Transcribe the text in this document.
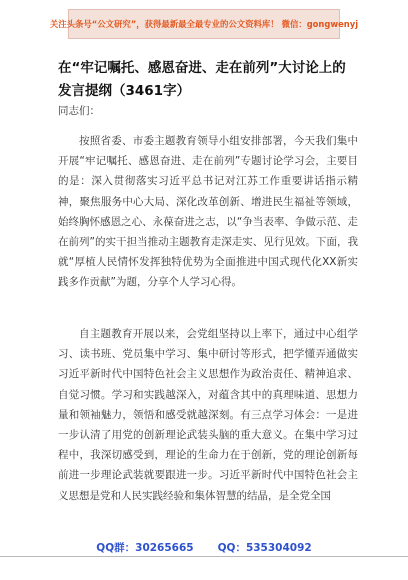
关注头条号“公文研究”，获得最新最全最专业的公文资料库！ 微信：gongwenyj
在“牢记嘱托、感恩奋进、走在前列”大讨论上的发言提纲（3461字）
同志们：

按照省委、市委主题教育领导小组安排部署，今天我们集中开展“牢记嘱托、感恩奋进、走在前列”专题讨论学习会，主要目的是：深入贯彻落实习近平总书记对江苏工作重要讲话指示精神，聚焦服务中心大局、深化改革创新、增进民生福祉等领域，始终胸怀感恩之心、永葆奋进之志，以“争当表率、争做示范、走在前列”的实干担当推动主题教育走深走实、见行见效。下面，我就“厚植人民情怀发挥独特优势为全面推进中国式现代化XX新实践多作贡献”为题，分享个人学习心得。

自主题教育开展以来，会党组坚持以上率下，通过中心组学习、读书班、党员集中学习、集中研讨等形式，把学懂弄通做实习近平新时代中国特色社会主义思想作为政治责任、精神追求、自觉习惯。学习和实践越深入，对蕴含其中的真理味道、思想力量和领袖魅力，领悟和感受就越深刻。有三点学习体会：一是进一步认清了用党的创新理论武装头脑的重大意义。在集中学习过程中，我深切感受到，理论的生命力在于创新，党的理论创新每前进一步理论武装就要跟进一步。习近平新时代中国特色社会主义思想是党和人民实践经验和集体智慧的结晶，是全党全国

QQ群：30265665 QQ：535304092
